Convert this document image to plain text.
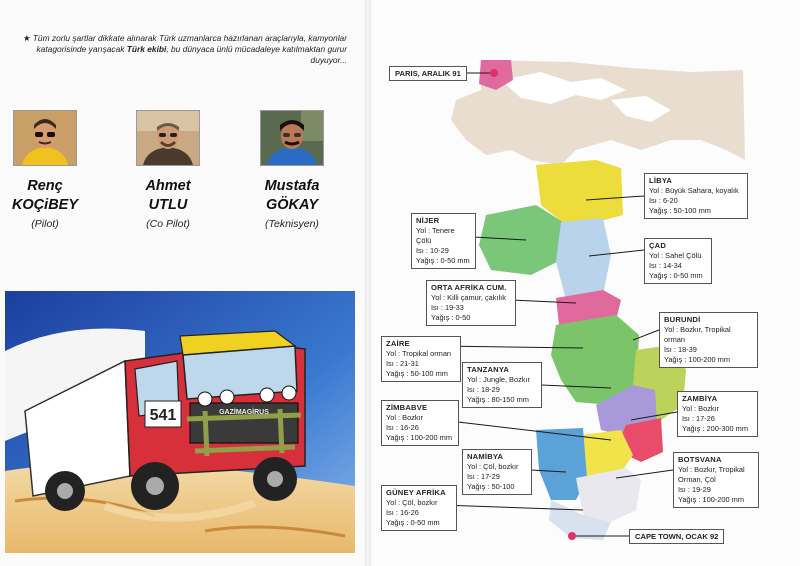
★ Tüm zorlu şartlar dikkate alınarak Türk uzmanlarca hazırlanan araçlarıyla, kamyonlar katagorisinde yarışacak Türk ekibi, bu dünyaca ünlü mücadaleye katılmaktan gurur duyuyor...
Renç
KOÇiBEY
(Pilot)
Ahmet
UTLU
(Co Pilot)
Mustafa
GÖKAY
(Teknisyen)
541	GAZİMAGİRUS
PARIS, ARALIK 91
CAPE TOWN, OCAK 92
LİBYA
Yol : Büyük Sahara, koyalık
Isı : 6-20
Yağış : 50-100 mm
NİJER
Yol : Tenere Çölü
Isı : 10-29
Yağış : 0-50 mm
ÇAD
Yol : Sahel Çölü
Isı : 14-34
Yağış : 0-50 mm
ORTA AFRİKA CUM.
Yol : Killi çamur, çakılık
Isı : 19-33
Yağış : 0-50	BURUNDİ
Yol : Bozkır, Tropikal orman
Isı : 18-39
Yağış : 100-200 mm
ZAİRE
Yol : Tropikal orman
Isı : 21-31
Yağış : 50-100 mm	TANZANYA
Yol : Jungle, Bozkır
Isı : 18-29
Yağış : 80-150 mm	ZAMBİYA
Yol : Bozkır
Isı : 17-26
Yağış : 200-300 mm
ZİMBABVE
Yol : Bozkır
Isı : 16-26
Yağış : 100-200 mm
NAMİBYA
Yol : Çöl, bozkır
Isı : 17-29
Yağış : 50-100
BOTSVANA
Yol : Bozkır, Tropikal
Orman, Çöl
Isı : 19-29
Yağış : 100-200 mm
GÜNEY AFRİKA
Yol : Çöl, bozkır
Isı : 16-26
Yağış : 0-50 mm
